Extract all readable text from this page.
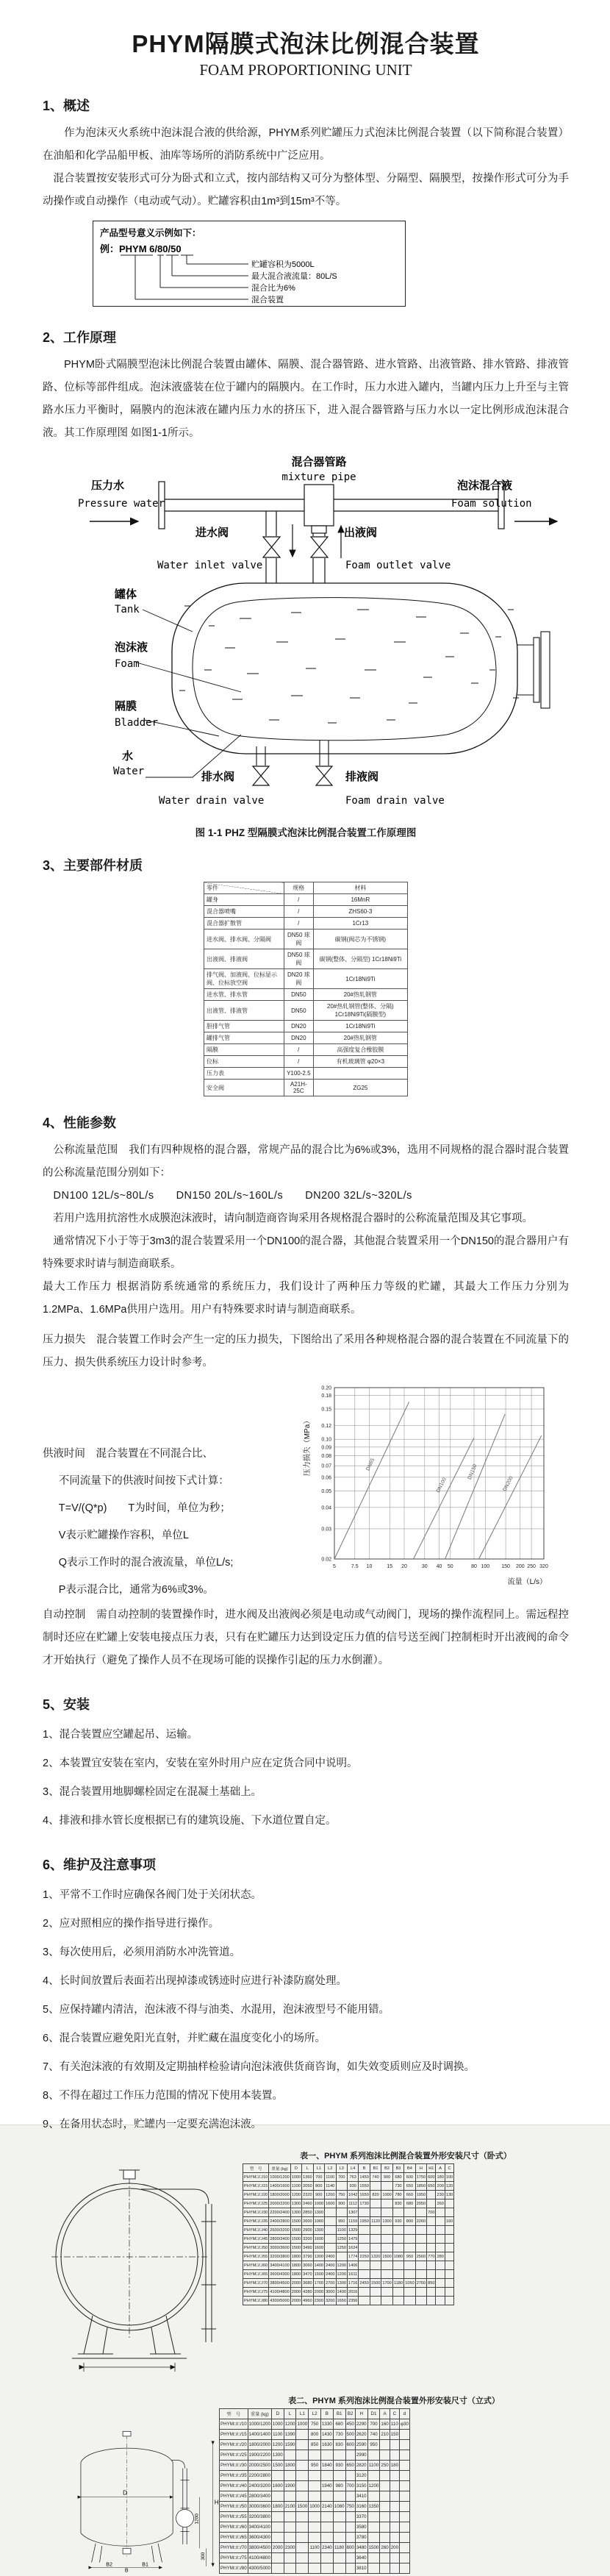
PHYM隔膜式泡沫比例混合装置
FOAM PROPORTIONING UNIT
1、概述

作为泡沫灭火系统中泡沫混合液的供给源，PHYM系列贮罐压力式泡沫比例混合装置（以下简称混合装置）在油船和化学品船甲板、油库等场所的消防系统中广泛应用。

混合装置按安装形式可分为卧式和立式，按内部结构又可分为整体型、分隔型、隔膜型，按操作形式可分为手动操作或自动操作（电动或气动）。贮罐容积由1m³到15m³不等。

产品型号意义示例如下：
例：PHYM 6/80/50
贮罐容积为5000L
最大混合液流量：80L/S
混合比为6%
混合装置
2、工作原理

PHYM卧式隔膜型泡沫比例混合装置由罐体、隔膜、混合器管路、进水管路、出液管路、排水管路、排液管路、位标等部件组成。泡沫液盛装在位于罐内的隔膜内。在工作时，压力水进入罐内，当罐内压力上升至与主管路水压力平衡时，隔膜内的泡沫液在罐内压力水的挤压下，进入混合器管路与压力水以一定比例形成泡沫混合液。其工作原理图 如图1-1所示。

压力水
Pressure water
混合器管路
mixture pipe
泡沫混合液
Foam solution
进水阀
Water inlet valve
出液阀
Foam outlet valve
罐体
Tank
泡沫液
Foam
隔膜
Bladder
水
Water	排水阀
Water drain valve
排液阀
Foam drain valve
图 1-1 PHZ 型隔膜式泡沫比例混合装置工作原理图
3、主要部件材质
零件	规格	材料
罐身	/	16MnR
混合器喷嘴	/	ZHS60-3
混合器扩散管	/	1Cr13
进水阀、排水阀、分隔阀	DN50 球阀	碳钢(阀芯为不锈钢)
出液阀、排液阀	DN50 球阀	碳钢(整体、分隔型) 1Cr18Ni9Ti
排气阀、加液阀、位标显示阀、位标放空阀	DN20 球阀	1Cr18Ni9Ti
进水管、排水管	DN50	20#热轧钢管
出液管、排液管	DN50	20#热轧钢管(整体、分隔) 1Cr18Ni9Ti(隔膜型)
胆排气管	DN20	1Cr18Ni9Ti
罐排气管	DN20	20#热轧钢管
隔膜	/	高强度复合橡胶膜
位标	/	有机玻璃管 φ20×3
压力表	Y100-2.5	
安全阀	A21H-25C	ZG25
4、性能参数

公称流量范围　我们有四种规格的混合器，常规产品的混合比为6%或3%，选用不同规格的混合器时混合装置的公称流量范围分别如下：

DN100 12L/s~80L/s　　DN150 20L/s~160L/s　　DN200 32L/s~320L/s

若用户选用抗溶性水成膜泡沫液时，请向制造商咨询采用各规格混合器时的公称流量范围及其它事项。

通常情况下小于等于3m3的混合装置采用一个DN100的混合器，其他混合装置采用一个DN150的混合器用户有特殊要求时请与制造商联系。

最大工作压力 根据消防系统通常的系统压力，我们设计了两种压力等级的贮罐，其最大工作压力分别为1.2MPa、1.6MPa供用户选用。用户有特殊要求时请与制造商联系。

压力损失　混合装置工作时会产生一定的压力损失，下图给出了采用各种规格混合器的混合装置在不同流量下的压力、损失供系统压力设计时参考。

供液时间　混合装置在不同混合比、
不同流量下的供液时间按下式计算：
T=V/(Q*p)　　T为时间，单位为秒；
V表示贮罐操作容积，单位L
Q表示工作时的混合液流量，单位L/s;
P表示混合比，通常为6%或3%。
5	7.5 10	15 20	30 40 50	80 100 150 200 250 320
0.02
0.03
0.04
0.05
0.06
0.07
0.08
0.09
0.10
0.12
0.15
0.18
0.20
DN65
DN100
DN150
DN200
流量（L/s）
压力损失（MPa）

自动控制　需自动控制的装置操作时，进水阀及出液阀必须是电动或气动阀门，现场的操作流程同上。需远程控制时还应在贮罐上安装电接点压力表，只有在贮罐压力达到设定压力值的信号送至阀门控制柜时开出液阀的命令才开始执行（避免了操作人员不在现场可能的误操作引起的压力水倒灌）。

5、安装

1、混合装置应空罐起吊、运输。

2、本装置宜安装在室内，安装在室外时用户应在定货合同中说明。

3、混合装置用地脚螺栓固定在混凝土基础上。

4、排液和排水管长度根据已有的建筑设施、下水道位置自定。

6、维护及注意事项

1、平常不工作时应确保各阀门处于关闭状态。

2、应对照相应的操作指导进行操作。

3、每次使用后，必须用消防水冲洗管道。

4、长时间放置后表面若出现掉漆或锈迹时应进行补漆防腐处理。

5、应保持罐内清洁，泡沫液不得与油类、水混用，泡沫液型号不能用错。

6、混合装置应避免阳光直射，并贮藏在温度变化小的场所。

7、有关泡沫液的有效期及定期抽样检验请向泡沫液供货商咨询，如失效变质则应及时调换。

8、不得在超过工作压力范围的情况下使用本装置。

9、在备用状态时，贮罐内一定要充满泡沫液。

表一、PHYM 系列泡沫比例混合装置外形安装尺寸（卧式）
型　号	重量 (kg)	D	L	L1	L2	L3	L4	B	B1	B2	B3	B4	H	H1	A	C
PHYM□/□/10	1000/1200	1000	1360	700	1100	700	763	1450	740	900	680	600	1750	600	180	100
PHYM□/□/15	1400/1600	1100	2050	800	1140		930	1550			730	650	1850	650	200	120
PHYM□/□/20	1800/2000	1200	2320	900	1200	750	1042	1650	820	1000	780	660	1950		230	130
PHYM□/□/25	2000/2200	1300	2460	1000	1600	900	1112	1730			830	680	2050		260	
PHYM□/□/30	2200/2400	1300	2850	1300			1307							700		
PHYM□/□/35	2400/2800	1500	2600	1060		950	1159	1950	1120	1300	930	800	2260			160
PHYM□/□/40	2600/3200	1500	2900	1300		1100	1329									
PHYM□/□/45	2800/3400	1500	3200	1600		1250	1479									
PHYM□/□/50	3000/3600	1500	3490	1600		1250	1624									
PHYM□/□/55	3200/3800	1800	3790	1300	2400		1774	2250	1320	1500	1080	950	2560	770	280	
PHYM□/□/60	3400/4100	1800	3060	1400	2400	1200	1406									
PHYM□/□/65	3600/4300	1800	3470	1500	2400	1200	1611									
PHYM□/□/70	3800/4500	2000	3680	1700	2700	1300	1716	2450	1500	1700	1180	1050	2760	850		
PHYM□/□/75	4100/4800	2000	4280	2000	3000	1400	2016									
PHYM□/□/80	4300/5000	2000	4960	2300	3200	1650	2356									
D
H
1200
300
B2	B1
B
表二、PHYM 系列泡沫比例混合装置外形安装尺寸（立式）
型　号	重量 (kg)	D	L	L1	L2	B	B1	B2	H	D1	A	C	d
PHYM□/□/10	1000/1200	1000	1200	1000	750	1330	680	450	2290	700	160	110	φ30
PHYM□/□/15	1400/1400	1100	1390		800	1430	730	500	2620	740	210	150	
PHYM□/□/20	1800/2000	1200	1590		850	1630	830	600	2590	950			
PHYM□/□/25	1900/2200	1300							2990				
PHYM□/□/30	2000/2500	1500	1800		950	1840	930	650	2820	1100	250	180	
PHYM□/□/35	2200/2800								3120				
PHYM□/□/40	2400/3200	1600	1900			1940	980	700	3150	1200			
PHYM□/□/45	2800/3400								3410				
PHYM□/□/50	3000/3600	1800	2100	1500	1000	2140	1080	750	3160	1350			
PHYM□/□/55	3200/3800								3370				
PHYM□/□/60	3400/4100								3580				
PHYM□/□/65	3600/4300								3780				
PHYM□/□/70	3800/4500	2000	2300		1100	2340	1180	800	3480	1500	260	200	
PHYM□/□/75	4100/4800								3640				
PHYM□/□/80	4300/5000								3810				
